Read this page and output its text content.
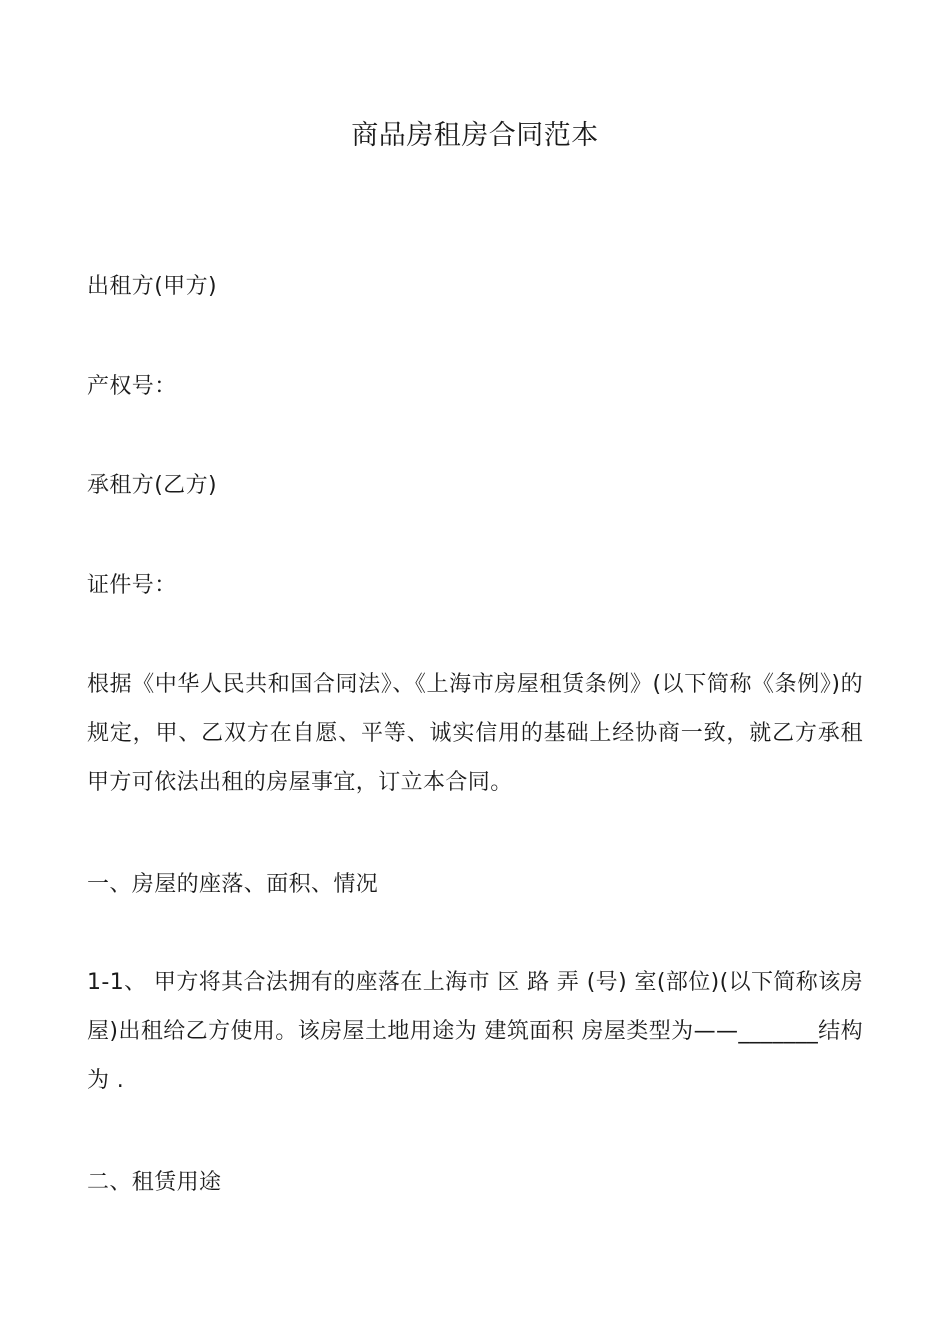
商品房租房合同范本

出租方(甲方)

产权号：

承租方(乙方)

证件号：

根据《中华人民共和国合同法》、《上海市房屋租赁条例》(以下简称《条例》)的规定，甲、乙双方在自愿、平等、诚实信用的基础上经协商一致，就乙方承租甲方可依法出租的房屋事宜，订立本合同。

一、房屋的座落、面积、情况

1-1、 甲方将其合法拥有的座落在上海市 区 路 弄 (号) 室(部位)(以下简称该房屋)出租给乙方使用。该房屋土地用途为 建筑面积 房屋类型为——_______结构为 .

二、租赁用途
